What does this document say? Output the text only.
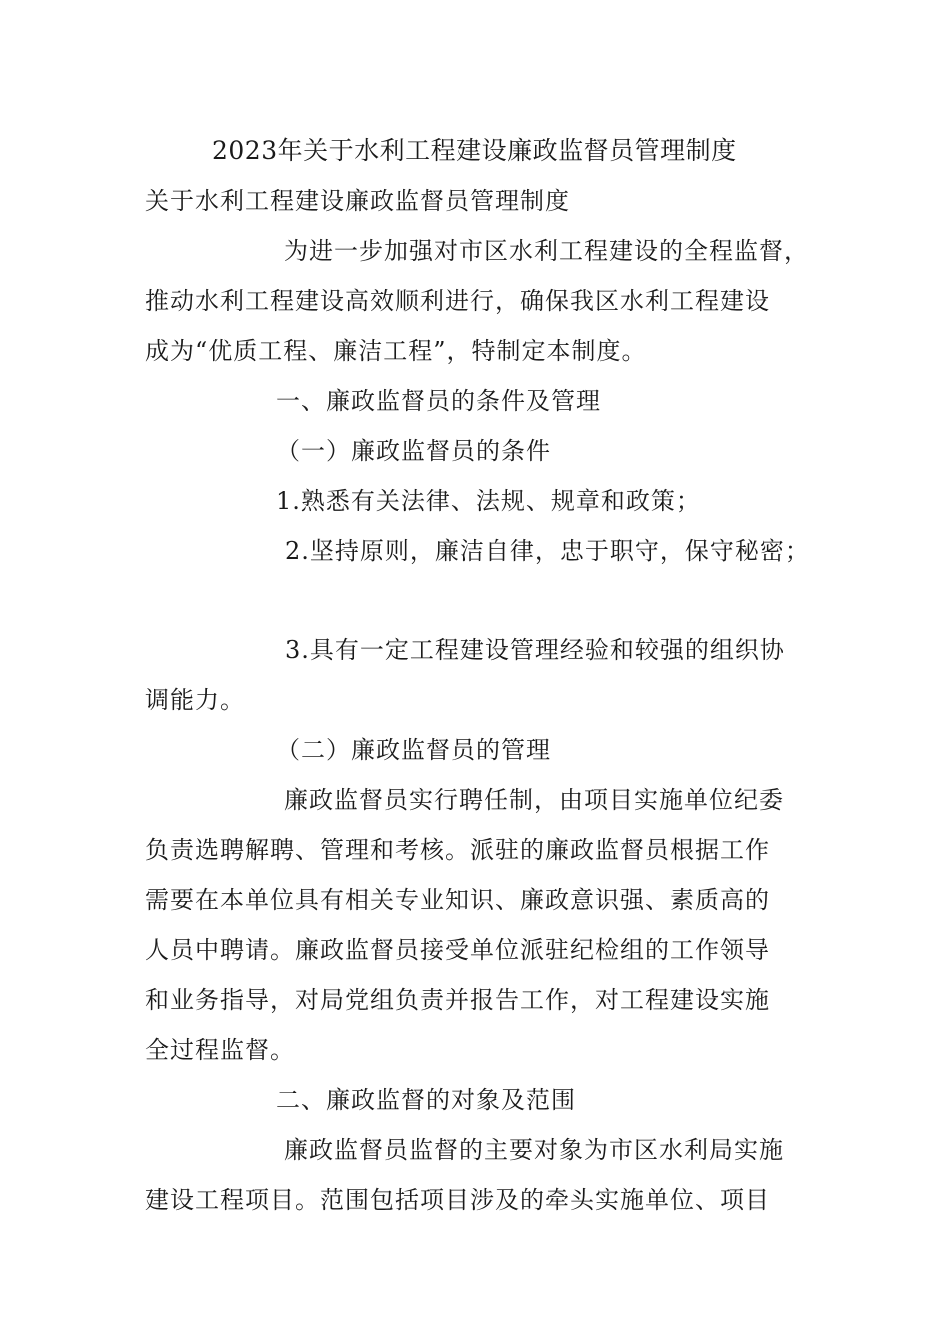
2023年关于水利工程建设廉政监督员管理制度
关于水利工程建设廉政监督员管理制度
为进一步加强对市区水利工程建设的全程监督，
推动水利工程建设高效顺利进行，确保我区水利工程建设
成为“优质工程、廉洁工程”，特制定本制度。
一、廉政监督员的条件及管理
（一）廉政监督员的条件
1.熟悉有关法律、法规、规章和政策；
2.坚持原则，廉洁自律，忠于职守，保守秘密；
3.具有一定工程建设管理经验和较强的组织协
调能力。
（二）廉政监督员的管理
廉政监督员实行聘任制，由项目实施单位纪委
负责选聘解聘、管理和考核。派驻的廉政监督员根据工作
需要在本单位具有相关专业知识、廉政意识强、素质高的
人员中聘请。廉政监督员接受单位派驻纪检组的工作领导
和业务指导，对局党组负责并报告工作，对工程建设实施
全过程监督。
二、廉政监督的对象及范围
廉政监督员监督的主要对象为市区水利局实施
建设工程项目。范围包括项目涉及的牵头实施单位、项目
